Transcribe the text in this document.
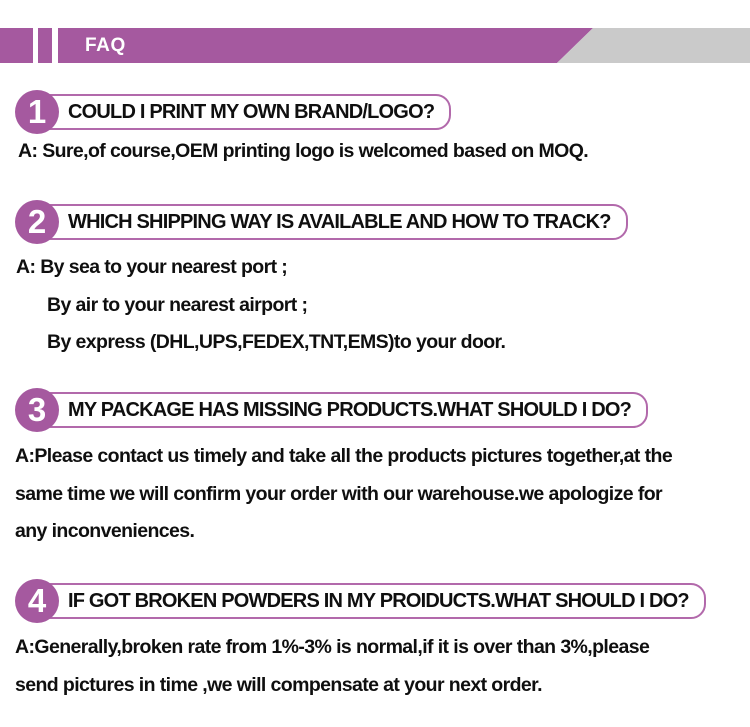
FAQ
COULD I PRINT MY OWN BRAND/LOGO?
1
A: Sure,of course,OEM printing logo is welcomed based on MOQ.
WHICH SHIPPING WAY IS AVAILABLE AND HOW TO TRACK?
2
A: By sea to your nearest port ;
By air to your nearest airport ;
By express (DHL,UPS,FEDEX,TNT,EMS)to your door.
MY PACKAGE HAS MISSING PRODUCTS.WHAT SHOULD I DO?
3
A:Please contact us timely and take all the products pictures together,at the
same time we will confirm your order with our warehouse.we apologize for
any inconveniences.
IF GOT BROKEN POWDERS IN MY PROIDUCTS.WHAT SHOULD I DO?
4
A:Generally,broken rate from 1%-3% is normal,if it is over than 3%,please
send pictures in time ,we will compensate at your next order.
